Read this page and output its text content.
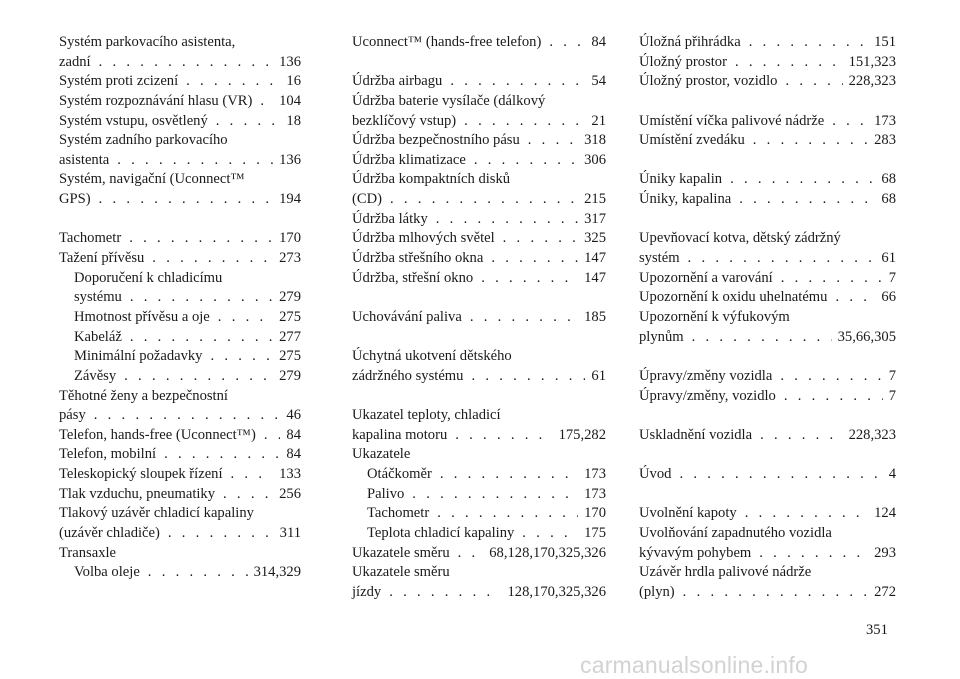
Systém parkovacího asistenta,
zadní . . .	136
Systém proti zcizení . . .	16
Systém rozpoznávání hlasu (VR) . . . 104
Systém vstupu, osvětlený . . .	18
Systém zadního parkovacího
asistenta . . .	136
Systém, navigační (Uconnect™
GPS) . . .	194
Tachometr . . .	170
Tažení přívěsu . . .	273
Doporučení k chladicímu
systému . . .	279
Hmotnost přívěsu a oje . . .	275
Kabeláž . . .	277
Minimální požadavky . . .	275
Závěsy . . .	279
Těhotné ženy a bezpečnostní
pásy . . .	46
Telefon, hands-free (Uconnect™) . . . 84
Telefon, mobilní . . .	84
Teleskopický sloupek řízení . . .	133
Tlak vzduchu, pneumatiky . . .	256
Tlakový uzávěr chladicí kapaliny
(uzávěr chladiče) . . .	311
Transaxle
Volba oleje . . .	314,329
Uconnect™ (hands-free telefon) . . .	84
Údržba airbagu . . .	54
Údržba baterie vysílače (dálkový
bezklíčový vstup) . . .	21
Údržba bezpečnostního pásu . . .	318
Údržba klimatizace . . .	306
Údržba kompaktních disků
(CD) . . .	215
Údržba látky . . .	317
Údržba mlhových světel . . .	325
Údržba střešního okna . . .	147
Údržba, střešní okno . . .	147
Uchovávání paliva . . .	185
Úchytná ukotvení dětského
zádržného systému . . .	61
Ukazatel teploty, chladicí
kapalina motoru . . .	175,282
Ukazatele
Otáčkoměr . . .	173
Palivo . . .	173
Tachometr . . .	170
Teplota chladicí kapaliny . . .	175
Ukazatele směru . . .	68,128,170,325,326
Ukazatele směru
jízdy . . .	128,170,325,326
Úložná přihrádka . . .	151
Úložný prostor . . .	151,323
Úložný prostor, vozidlo . . .	228,323
Umístění víčka palivové nádrže . . .	173
Umístění zvedáku . . .	283
Úniky kapalin . . .	68
Úniky, kapalina . . .	68
Upevňovací kotva, dětský zádržný
systém . . .	61
Upozornění a varování . . .	7
Upozornění k oxidu uhelnatému . . .	66
Upozornění k výfukovým
plynům . . .	35,66,305
Úpravy/změny vozidla . . .	7
Úpravy/změny, vozidlo . . .	7
Uskladnění vozidla . . .	228,323
Úvod . . .	4
Uvolnění kapoty . . .	124
Uvolňování zapadnutého vozidla
kývavým pohybem . . .	293
Uzávěr hrdla palivové nádrže
(plyn) . . .	272
351
carmanualsonline.info
